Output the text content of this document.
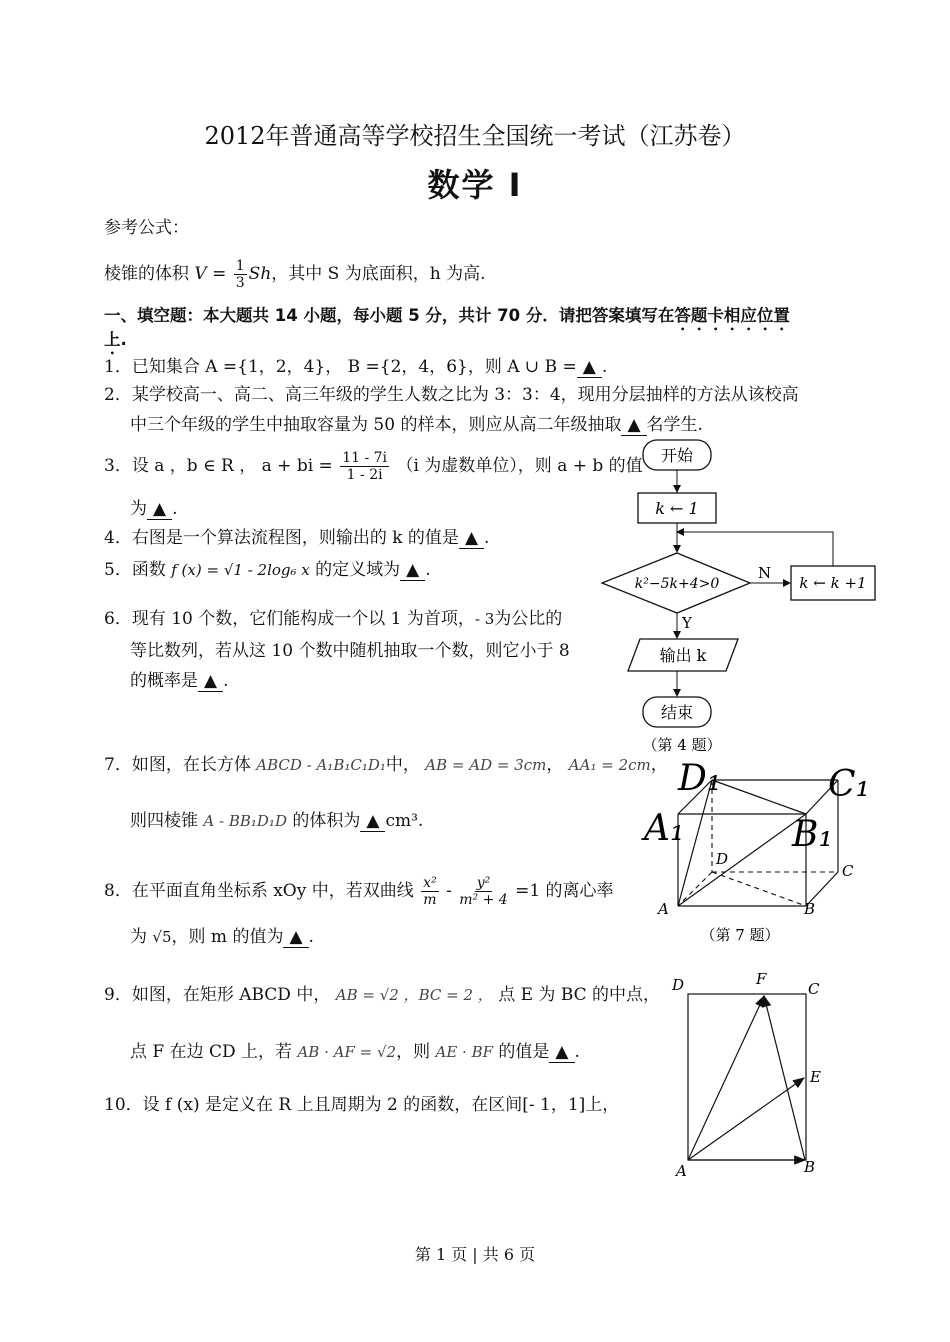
2012年普通高等学校招生全国统一考试（江苏卷）
数学 Ⅰ
参考公式：
棱锥的体积 $V = \frac{1}{3}$ Sh，其中 S 为底面积，h 为高.
一、填空题：本大题共 14 小题，每小题 5 分，共计 70 分．请把答案填写在答题卡相应位置
上.
1．已知集合 A ={1，2，4}， B ={2，4，6}，则 A ∪ B = ▲ .
2．某学校高一、高二、高三年级的学生人数之比为 3：3：4，现用分层抽样的方法从该校高
中三个年级的学生中抽取容量为 50 的样本，则应从高二年级抽取 ▲ 名学生.
3．设 a ，b ∈ R ， a + bi = $\frac{11 - 7i}{1 - 2i} (i$ 为虚数单位），则 a + b 的值
为 ▲ .
4．右图是一个算法流程图，则输出的 k 的值是 ▲ .
5．函数 f (x) = √1 - 2log₆ x 的定义域为 ▲ .
6．现有 10 个数，它们能构成一个以 1 为首项，- 3为公比的
等比数列，若从这 10 个数中随机抽取一个数，则它小于 8
的概率是 ▲ .
7．如图，在长方体 ABCD - A₁B₁C₁D₁中， AB = AD = 3cm， AA₁ = 2cm，
则四棱锥 A - BB₁D₁D 的体积为 ▲ cm³.
8．在平面直角坐标系 xOy 中，若双曲线 $\frac{\text{x²}}{m} - \frac{\text{y²}}{\text{m² + 4}} =1$ 的离心率
为 √5，则 m 的值为 ▲ .
9．如图，在矩形 ABCD 中， AB = √2 ，BC = 2 ， 点 E 为 BC 的中点，
点 F 在边 CD 上，若 AB · AF = √2，则 AE · BF 的值是 ▲ .
10．设 f (x) 是定义在 R 上且周期为 2 的函数，在区间[- 1，1]上，
开始
k ← 1
k²−5k+4>0
N
k ← k +1
Y
输出 k
结束
（第 4 题）
D₁	C₁
A₁	B₁
D
C
A	B
（第 7 题）
D	F
C
E
A	B
第 1 页 | 共 6 页
